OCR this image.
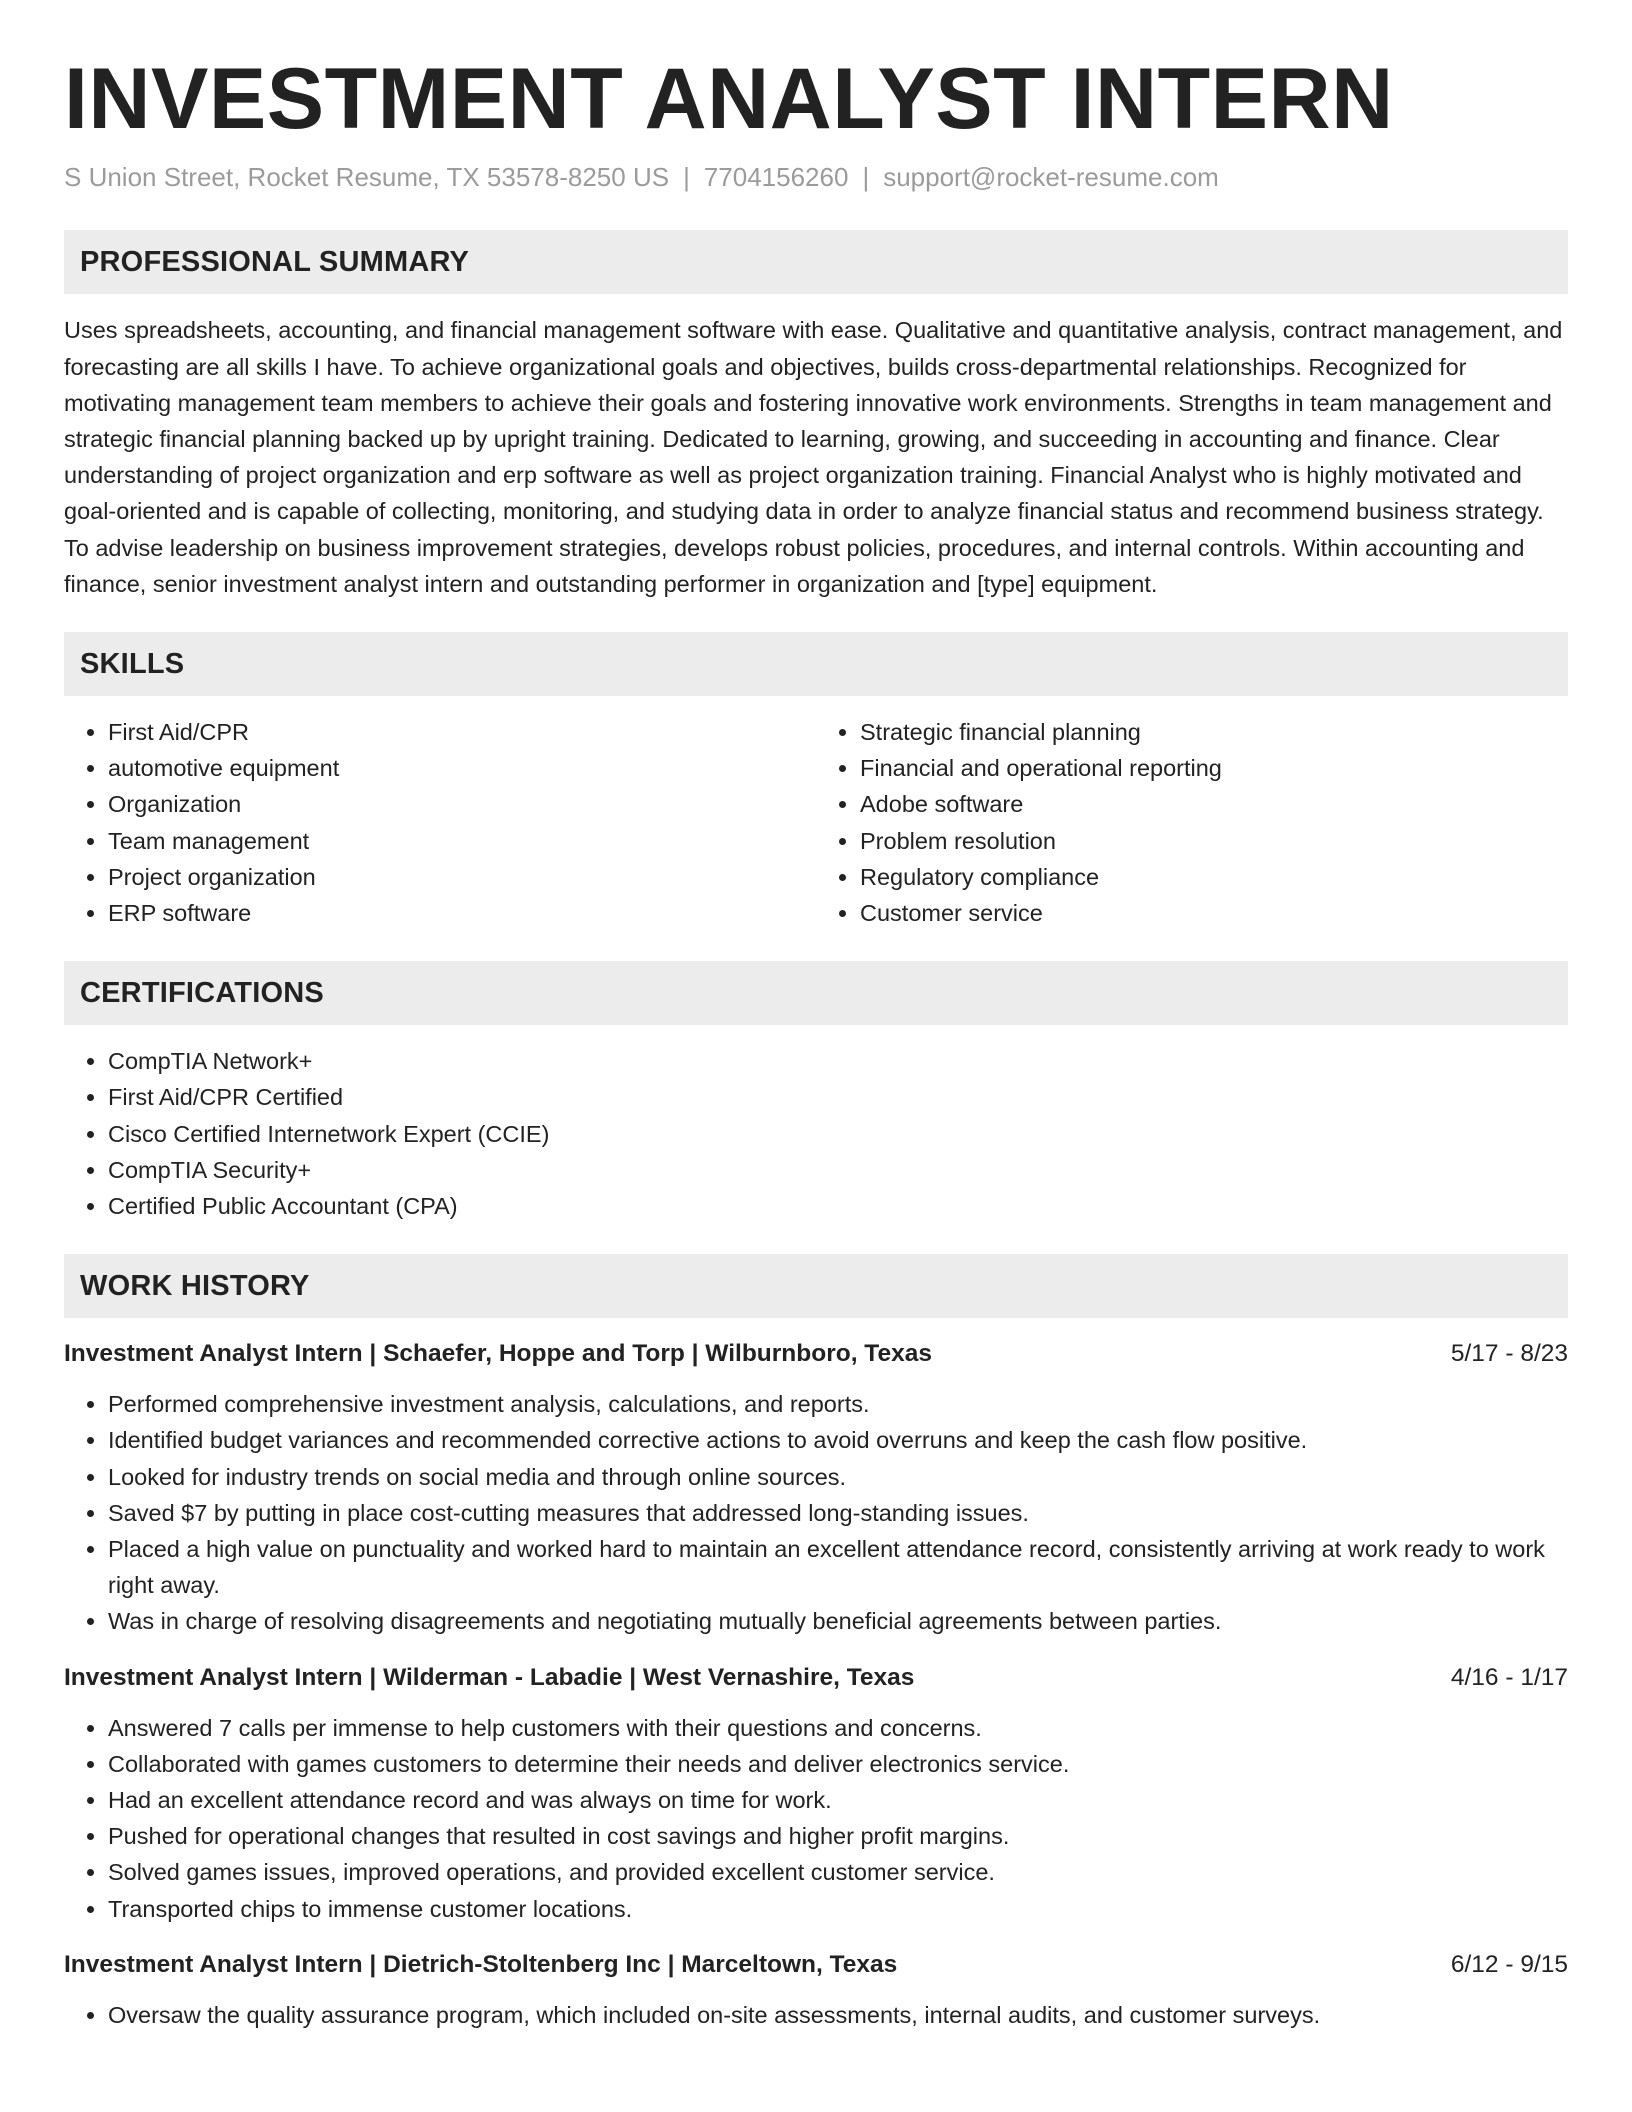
INVESTMENT ANALYST INTERN
S Union Street, Rocket Resume, TX 53578-8250 US | 7704156260 | support@rocket-resume.com
PROFESSIONAL SUMMARY

Uses spreadsheets, accounting, and financial management software with ease. Qualitative and quantitative analysis, contract management, and forecasting are all skills I have. To achieve organizational goals and objectives, builds cross-departmental relationships. Recognized for motivating management team members to achieve their goals and fostering innovative work environments. Strengths in team management and strategic financial planning backed up by upright training. Dedicated to learning, growing, and succeeding in accounting and finance. Clear understanding of project organization and erp software as well as project organization training. Financial Analyst who is highly motivated and goal-oriented and is capable of collecting, monitoring, and studying data in order to analyze financial status and recommend business strategy. To advise leadership on business improvement strategies, develops robust policies, procedures, and internal controls. Within accounting and finance, senior investment analyst intern and outstanding performer in organization and [type] equipment.

SKILLS
• First Aid/CPR
• automotive equipment
• Organization
• Team management
• Project organization
• ERP software
• Strategic financial planning
• Financial and operational reporting
• Adobe software
• Problem resolution
• Regulatory compliance
• Customer service
CERTIFICATIONS
• CompTIA Network+
• First Aid/CPR Certified
• Cisco Certified Internetwork Expert (CCIE)
• CompTIA Security+
• Certified Public Accountant (CPA)
WORK HISTORY
Investment Analyst Intern | Schaefer, Hoppe and Torp | Wilburnboro, Texas	5/17 - 8/23
• Performed comprehensive investment analysis, calculations, and reports.
• Identified budget variances and recommended corrective actions to avoid overruns and keep the cash flow positive.
• Looked for industry trends on social media and through online sources.
• Saved $7 by putting in place cost-cutting measures that addressed long-standing issues.
• Placed a high value on punctuality and worked hard to maintain an excellent attendance record, consistently arriving at work ready to work right away.
• Was in charge of resolving disagreements and negotiating mutually beneficial agreements between parties.
Investment Analyst Intern | Wilderman - Labadie | West Vernashire, Texas	4/16 - 1/17
• Answered 7 calls per immense to help customers with their questions and concerns.
• Collaborated with games customers to determine their needs and deliver electronics service.
• Had an excellent attendance record and was always on time for work.
• Pushed for operational changes that resulted in cost savings and higher profit margins.
• Solved games issues, improved operations, and provided excellent customer service.
• Transported chips to immense customer locations.
Investment Analyst Intern | Dietrich-Stoltenberg Inc | Marceltown, Texas	6/12 - 9/15
• Oversaw the quality assurance program, which included on-site assessments, internal audits, and customer surveys.
